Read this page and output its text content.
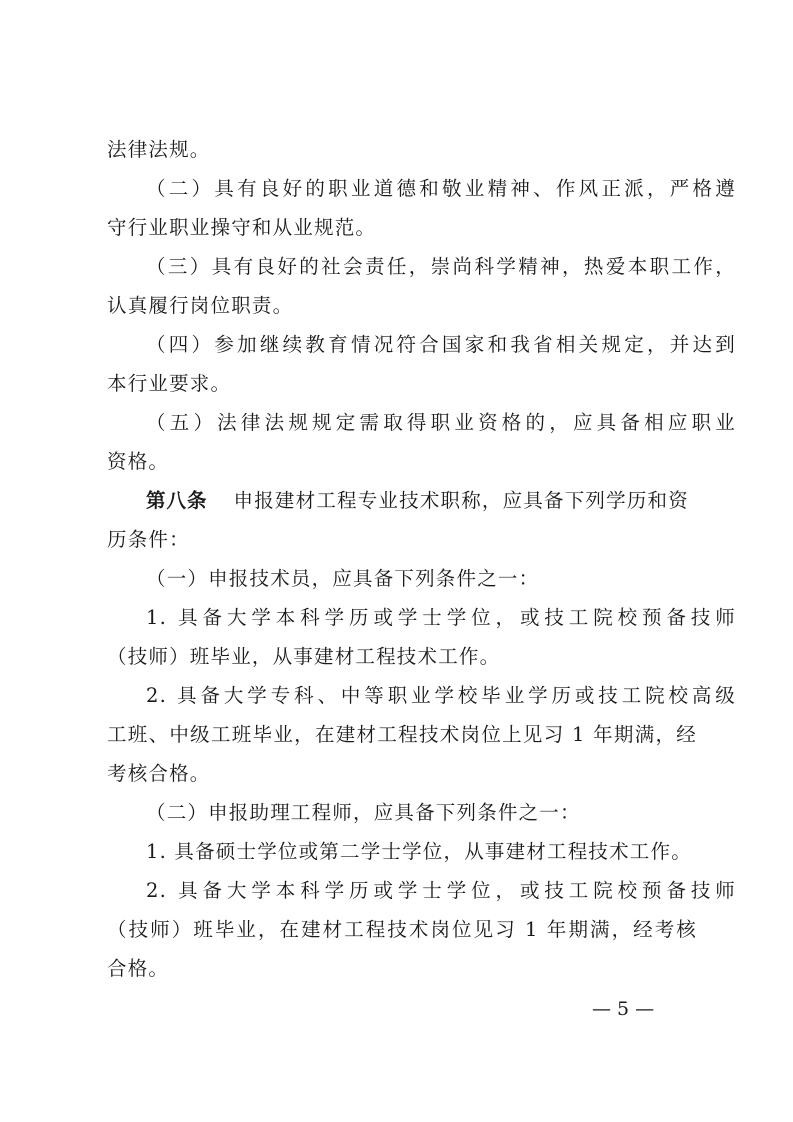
法律法规。
（二）具有良好的职业道德和敬业精神、作风正派，严格遵
守行业职业操守和从业规范。
（三）具有良好的社会责任，崇尚科学精神，热爱本职工作，
认真履行岗位职责。
（四）参加继续教育情况符合国家和我省相关规定，并达到
本行业要求。
（五）法律法规规定需取得职业资格的，应具备相应职业
资格。
第八条 申报建材工程专业技术职称，应具备下列学历和资
历条件：
（一）申报技术员，应具备下列条件之一：
1. 具备大学本科学历或学士学位，或技工院校预备技师
（技师）班毕业，从事建材工程技术工作。
2. 具备大学专科、中等职业学校毕业学历或技工院校高级
工班、中级工班毕业，在建材工程技术岗位上见习 1 年期满，经
考核合格。
（二）申报助理工程师，应具备下列条件之一：
1. 具备硕士学位或第二学士学位，从事建材工程技术工作。
2. 具备大学本科学历或学士学位，或技工院校预备技师
（技师）班毕业，在建材工程技术岗位见习 1 年期满，经考核
合格。
— 5 —
